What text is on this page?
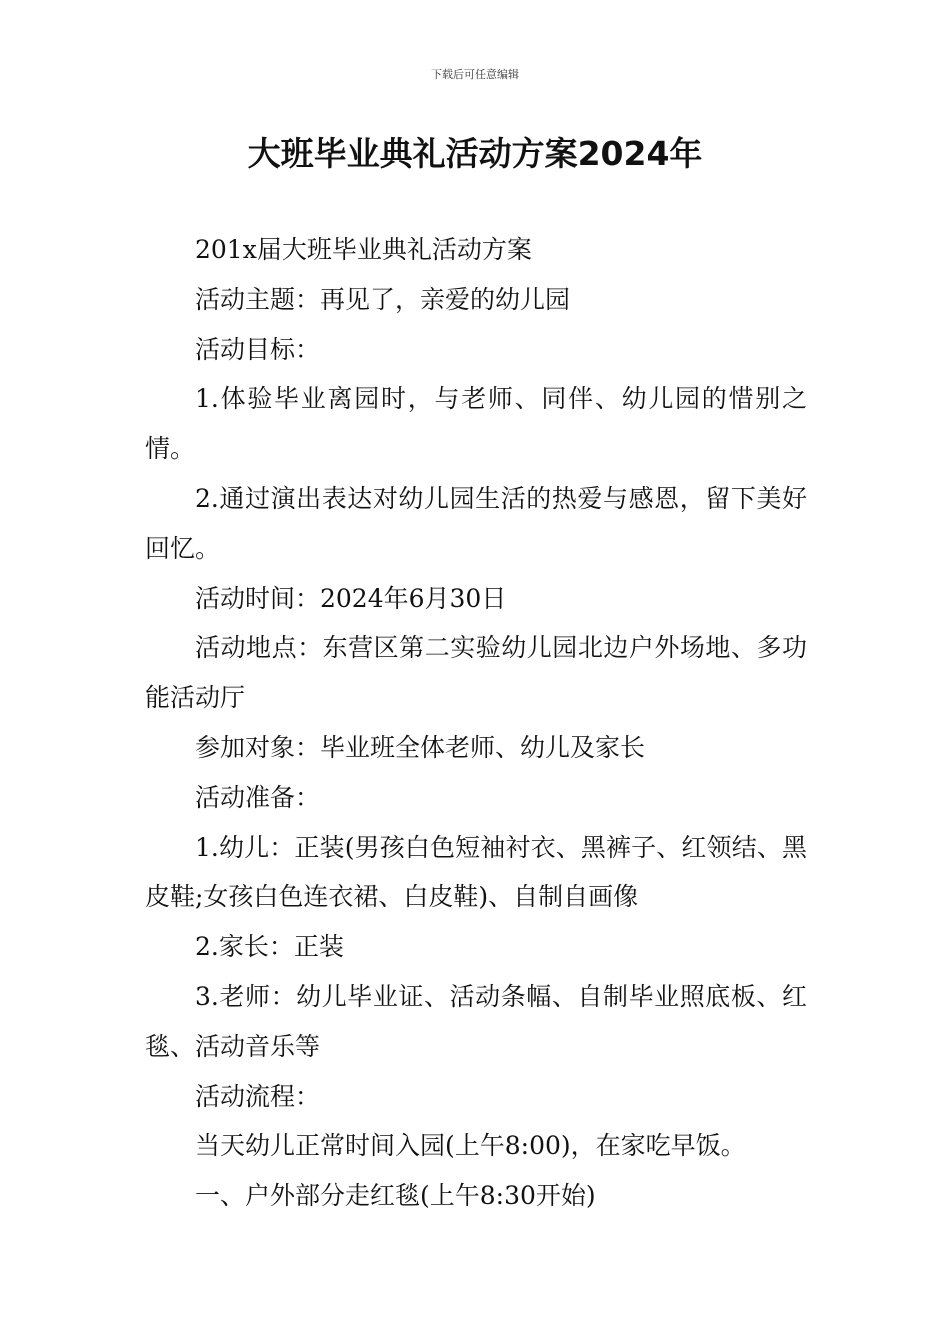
下载后可任意编辑
大班毕业典礼活动方案2024年

201x届大班毕业典礼活动方案

活动主题：再见了，亲爱的幼儿园

活动目标：

1.体验毕业离园时，与老师、同伴、幼儿园的惜别之情。

2.通过演出表达对幼儿园生活的热爱与感恩，留下美好回忆。

活动时间：2024年6月30日

活动地点：东营区第二实验幼儿园北边户外场地、多功能活动厅

参加对象：毕业班全体老师、幼儿及家长

活动准备：

1.幼儿：正装(男孩白色短袖衬衣、黑裤子、红领结、黑皮鞋;女孩白色连衣裙、白皮鞋)、自制自画像

2.家长：正装

3.老师：幼儿毕业证、活动条幅、自制毕业照底板、红毯、活动音乐等

活动流程：

当天幼儿正常时间入园(上午8:00)，在家吃早饭。

一、户外部分走红毯(上午8:30开始)
